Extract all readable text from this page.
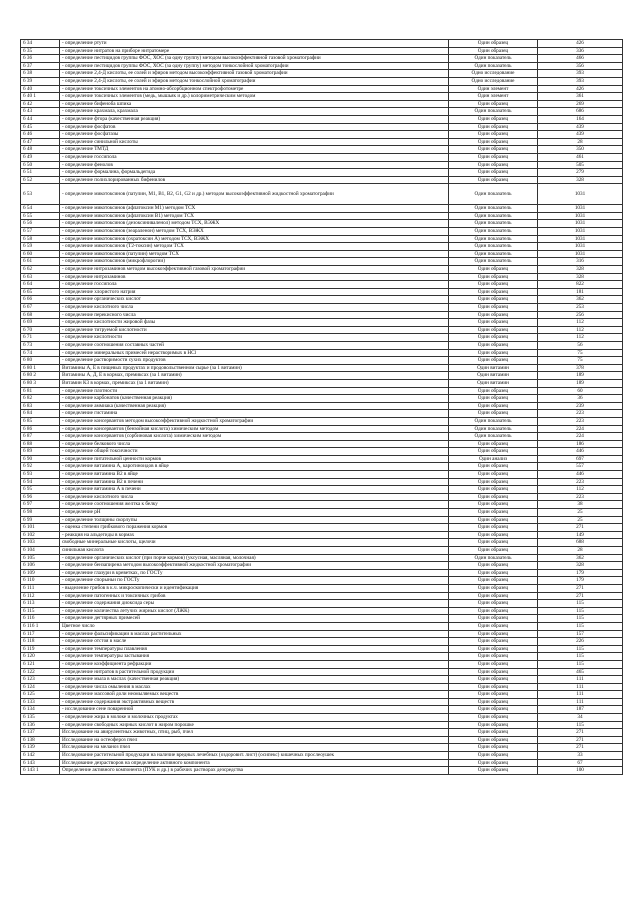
6 34	- определение ртути	Один образец	426
6 35	- определение нитратов на приборе нитратомере	Один образец	336
6 36	- определение пестицидов группы ФОС, ХОС (за одну группу) методом высокоэффективной газовой хроматографии	Один показатель	466
6 37	- определение пестицидов группы ФОС, ХОС (за одну группу) методом тонкослойной хроматографии	Один показатель	356
6 38	- определение 2,4-Д кислоты, ее солей и эфиров методом высокоэффективной газовой хроматографии	Одно исследование	393
6 39	- определение 2,4-Д кислоты, ее солей и эфиров методом тонкослойной хроматографии	Одно исследование	393
6 40	- определение токсичных элементов на атомно-абсорбционном спектрофотометре	Один элемент	426
6 40 1	- определение токсичных элементов (медь, мышьяк и др.) колориметрическим методом	Один элемент	361
6 42	- определение бифеноба шпика	Один образец	269
6 43	- определение крахмала, крахмала	Один показатель	686
6 44	- определение фтора (качественная реакция)	Один образец	164
6 45	- определение фосфатов	Один образец	439
6 46	- определение фосфатазы	Один образец	439
6 47	- определение синильной кислоты	Один образец	28
6 48	- определение ТМТД	Один образец	350
6 49	- определение госсипола	Один образец	461
6 50	- определение фенолов	Один образец	505
6 51	- определение формалина, формальдегида	Один образец	279
6 52	- определение полихлорированных бифенилов	Один образец	328
6 53	- определение микотоксинов (патулин, М1, В1, В2, G1, G2 и др.) методом высокоэффективной жидкостной хроматографии	Один показатель	1031
6 54	- определение микотоксинов (афлатоксин М1) методом ТСХ	Один показатель	1031
6 55	- определение микотоксинов (афлатоксин В1) методом ТСХ	Один показатель	1031
6 56	- определение микотоксинов (дезоксиниваленол) методом ТСХ, ВЭЖХ	Один показатель	1031
6 57	- определение микотоксинов (зеараленон) методом ТСХ, ВЭЖХ	Один показатель	1031
6 58	- определение микотоксинов (охратоксин А) методом ТСХ, ВЭЖХ	Один показатель	1031
6 59	- определение микотоксинов (Т2-токсин) методом ТСХ	Один показатель	1031
6 60	- определение микотоксинов (патулин) методом ТСХ	Один показатель	1031
6 61	- определение микотоксинов (микрофлорогии)	Один показатель	316
6 62	- определение нитрозаминов методом высокоэффективной газовой хроматографии	Один образец	328
6 63	- определение нитрозаминов	Один образец	328
6 64	- определение госсипола	Один образец	822
6 65	- определение хлористого натрия	Один образец	181
6 66	- определение органических кислот	Один образец	362
6 67	- определение кислотного числа	Один образец	253
6 68	- определение перекисного числа	Один образец	256
6 69	- определение кислотности жировой фазы	Один образец	112
6 70	- определение титруемой кислотности	Один образец	112
6 71	- определение кислотности	Один образец	112
6 73	- определение соотношения составных частей	Один образец	56
6 74	- определение минеральных примесей нерастворимых в НСl	Один образец	75
6 80	- определение растворимости сухих продуктов	Один образец	75
6 80 1	Витамины А, Е в пищевых продуктах и продовольственном сырье (за 1 витамин)	Один витамин	378
6 80 2	Витамины А, Д, Е в кормах, премиксах (за 1 витамин)	Один витамин	189
6 80 3	Витамин К3 в кормах, премиксах (за 1 витамин)	Один витамин	189
6 81	- определение плотности	Один образец	60
6 82	- определение карбонатов (качественная реакция)	Один образец	36
6 83	- определение аммиака (качественная реакция)	Один образец	239
6 84	- определение гистамина	Один образец	223
6 85	- определение консервантов методом высокоэффективной жидкостной хроматографии	Один показатель	223
6 86	- определение консервантов (бензойная кислота) химическим методом	Один показатель	224
6 87	- определение консервантов (сорбиновая кислота) химическим методом	Один показатель	224
6 88	- определение белкового числа	Один образец	186
6 89	- определение общей токсичности	Один образец	446
6 90	- определение питательной ценности кормов	Один анализ	697
6 92	- определение витамина А, каротиноидов в яйце	Один образец	557
6 93	- определение витамина В2 в яйце	Один образец	446
6 94	- определение витамина В2 в печени	Один образец	223
6 95	- определение витамина А в печени	Один образец	112
6 96	- определение кислотного числа	Один образец	223
6 97	- определение соотношения желтка к белку	Один образец	38
6 98	- определение рН	Один образец	25
6 99	- определение толщины скорлупы	Один образец	25
6 101	- оценка степени грибкового поражения кормов	Один образец	271
6 102	- реакция на альдегиды в кормах	Один образец	149
6 103	свободные минеральные кислоты, щелочи	Один образец	688
6 104	синильная кислота	Один образец	28
6 105	- определение органических кислот (при порче кормов) (уксусная, масляная, молочная)	Один показатель	362
6 106	- определение бензапирена методом высокоэффективной жидкостной хроматографии	Один образец	328
6 109	- определение глазури в креветках, по ГОСТу	Один образец	179
6 110	- определение спорыньи по ГОСТу	Один образец	179
6 111	- выделение грибов в к.ч. микроскопически и идентификация	Один образец	271
6 112	- определение патогенных и токсичных грибов	Один образец	271
6 113	- определение содержания диоксида серы	Один образец	115
6 115	- определение количества летучих жирных кислот (ЛЖК)	Один образец	115
6 116	- определение дегтярных примесей	Один образец	115
6 116 1	Цветное число	Один образец	115
6 117	- определение фальсификации в маслах растительных	Один образец	157
6 118	- определение отстоя в масле	Один образец	226
6 119	- определение температуры плавления	Один образец	115
6 120	- определение температуры застывания	Один образец	115
6 121	- определение коэффициента рефракции	Один образец	115
6 122	- определение нитратов в растительной продукции	Один образец	465
6 123	- определение мыла в маслах (качественная реакция)	Один образец	111
6 124	- определение числа омыления в маслах	Один образец	111
6 125	- определение массовой доли неомыляемых веществ	Один образец	111
6 133	- определение содержания экстрактивных веществ	Один образец	111
6 134	- исследование сене поваренной	Один образец	187
6 135	- определение жира в молоке и молочных продуктах	Один образец	34
6 136	- определение свободных жирных кислот в жиром порошке	Один образец	115
6 137	Исследование на авирулентных животных, птиц, рыб, пчел	Один образец	271
6 138	Исследование на остеофероз пчел	Один образец	271
6 139	Исследование на меланоз пчел	Один образец	271
6 142	Исследование растительной продукции на наличие вредных лечебных (оздоровит. лист) (осипекс) кишечных прослеоушек	Один образец	33
6 143	Исследование дезрастворов на определение активного компонента	Один образец	67
6 143 1	Определение активного компонента (ПУК и др.) в рабочих растворах дезсредства	Один образец	100
